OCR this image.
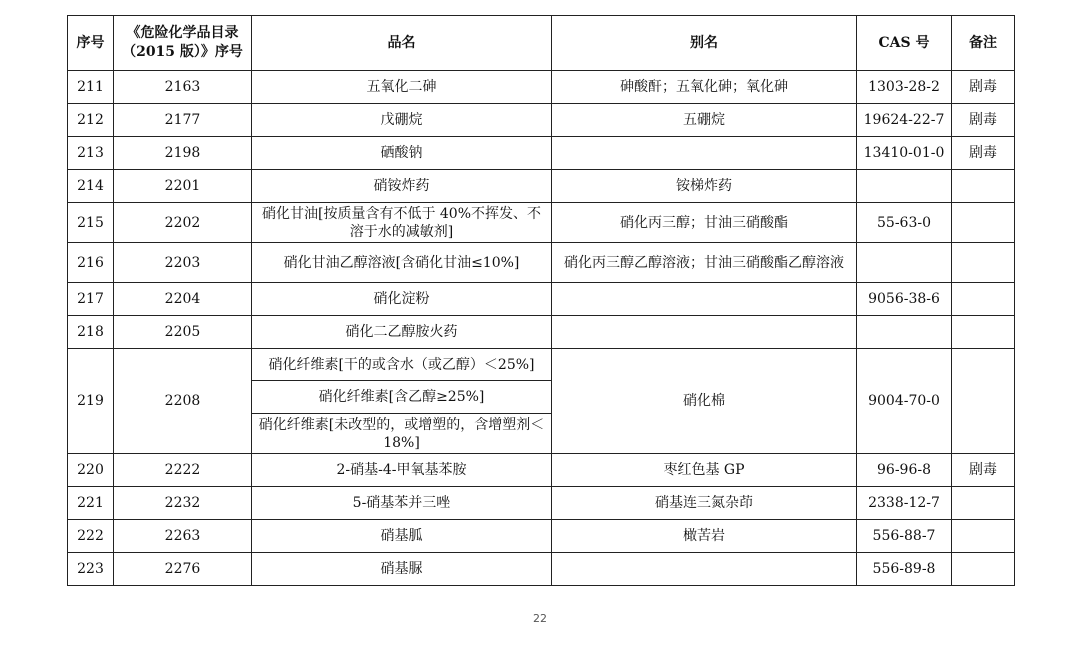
序号	《危险化学品目录（2015 版）》序号	品名	别名	CAS 号	备注
211	2163	五氧化二砷	砷酸酐；五氧化砷；氧化砷	1303-28-2	剧毒
212	2177	戊硼烷	五硼烷	19624-22-7	剧毒
213	2198	硒酸钠		13410-01-0	剧毒
214	2201	硝铵炸药	铵梯炸药		
215	2202	硝化甘油[按质量含有不低于 40%不挥发、不溶于水的减敏剂]	硝化丙三醇；甘油三硝酸酯	55-63-0	
216	2203	硝化甘油乙醇溶液[含硝化甘油≤10%]	硝化丙三醇乙醇溶液；甘油三硝酸酯乙醇溶液		
217	2204	硝化淀粉		9056-38-6	
218	2205	硝化二乙醇胺火药			
219	2208	硝化纤维素[干的或含水（或乙醇）＜25%]	硝化棉	9004-70-0	
		硝化纤维素[含乙醇≥25%]			
		硝化纤维素[未改型的，或增塑的，含增塑剂＜18%]			
220	2222	2-硝基-4-甲氧基苯胺	枣红色基 GP	96-96-8	剧毒
221	2232	5-硝基苯并三唑	硝基连三氮杂茚	2338-12-7	
222	2263	硝基胍	橄苦岩	556-88-7	
223	2276	硝基脲		556-89-8	
22
